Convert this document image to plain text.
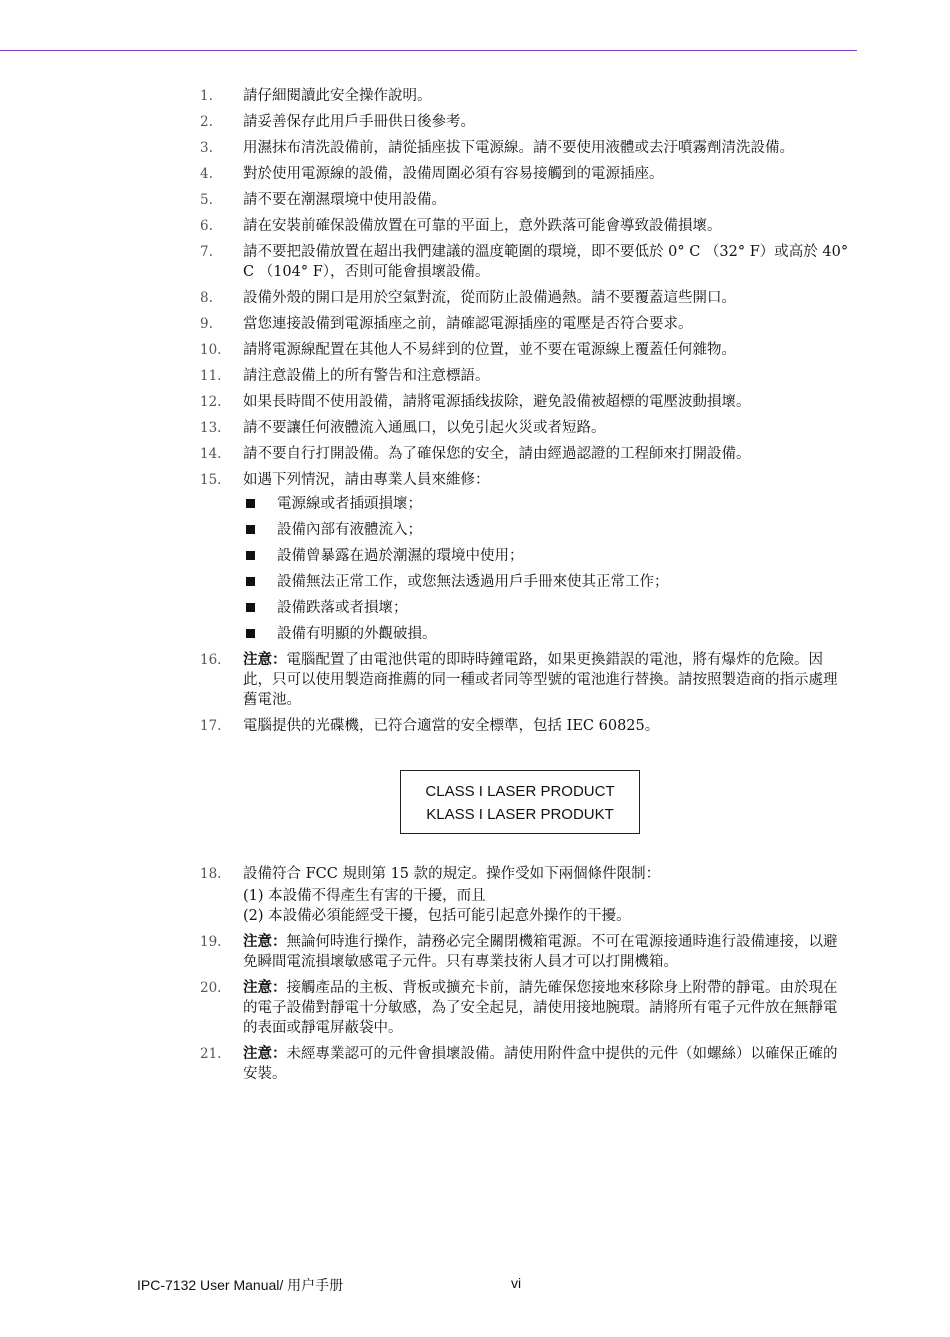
1.	請仔細閱讀此安全操作說明。
2.	請妥善保存此用戶手冊供日後參考。
3.	用濕抹布清洗設備前，請從插座拔下電源線。請不要使用液體或去汙噴霧劑清洗設備。
4.	對於使用電源線的設備，設備周圍必須有容易接觸到的電源插座。
5.	請不要在潮濕環境中使用設備。
6.	請在安裝前確保設備放置在可靠的平面上，意外跌落可能會導致設備損壞。
7.	請不要把設備放置在超出我們建議的溫度範圍的環境，即不要低於 0° C （32° F）或高於 40° C （104° F），否則可能會損壞設備。
8.	設備外殼的開口是用於空氣對流，從而防止設備過熱。請不要覆蓋這些開口。
9.	當您連接設備到電源插座之前，請確認電源插座的電壓是否符合要求。
10.	請將電源線配置在其他人不易絆到的位置，並不要在電源線上覆蓋任何雜物。
11.	請注意設備上的所有警告和注意標語。
12.	如果長時間不使用設備，請將電源插线拔除，避免設備被超標的電壓波動損壞。
13.	請不要讓任何液體流入通風口，以免引起火災或者短路。
14.	請不要自行打開設備。為了確保您的安全，請由經過認證的工程師來打開設備。
15.	如遇下列情況，請由專業人員來維修：
電源線或者插頭損壞；
設備內部有液體流入；
設備曾暴露在過於潮濕的環境中使用；
設備無法正常工作，或您無法透過用戶手冊來使其正常工作；
設備跌落或者損壞；
設備有明顯的外觀破損。
16.	注意：電腦配置了由電池供電的即時時鐘電路，如果更換錯誤的電池，將有爆炸的危險。因此，只可以使用製造商推薦的同一種或者同等型號的電池進行替換。請按照製造商的指示處理舊電池。
17.	電腦提供的光碟機，已符合適當的安全標準，包括 IEC 60825。
CLASS I LASER PRODUCT
KLASS I LASER PRODUKT
18.	設備符合 FCC 規則第 15 款的規定。操作受如下兩個條件限制：
(1) 本設備不得產生有害的干擾，而且
(2) 本設備必須能經受干擾，包括可能引起意外操作的干擾。
19.	注意：無論何時進行操作，請務必完全關閉機箱電源。不可在電源接通時進行設備連接，以避免瞬間電流損壞敏感電子元件。只有專業技術人員才可以打開機箱。
20.	注意：接觸產品的主板、背板或擴充卡前，請先確保您接地來移除身上附帶的靜電。由於現在的電子設備對靜電十分敏感，為了安全起見，請使用接地腕環。請將所有電子元件放在無靜電的表面或靜電屏蔽袋中。
21.	注意：未經專業認可的元件會損壞設備。請使用附件盒中提供的元件（如螺絲）以確保正確的安裝。
IPC-7132 User Manual/ 用户手册	vi
